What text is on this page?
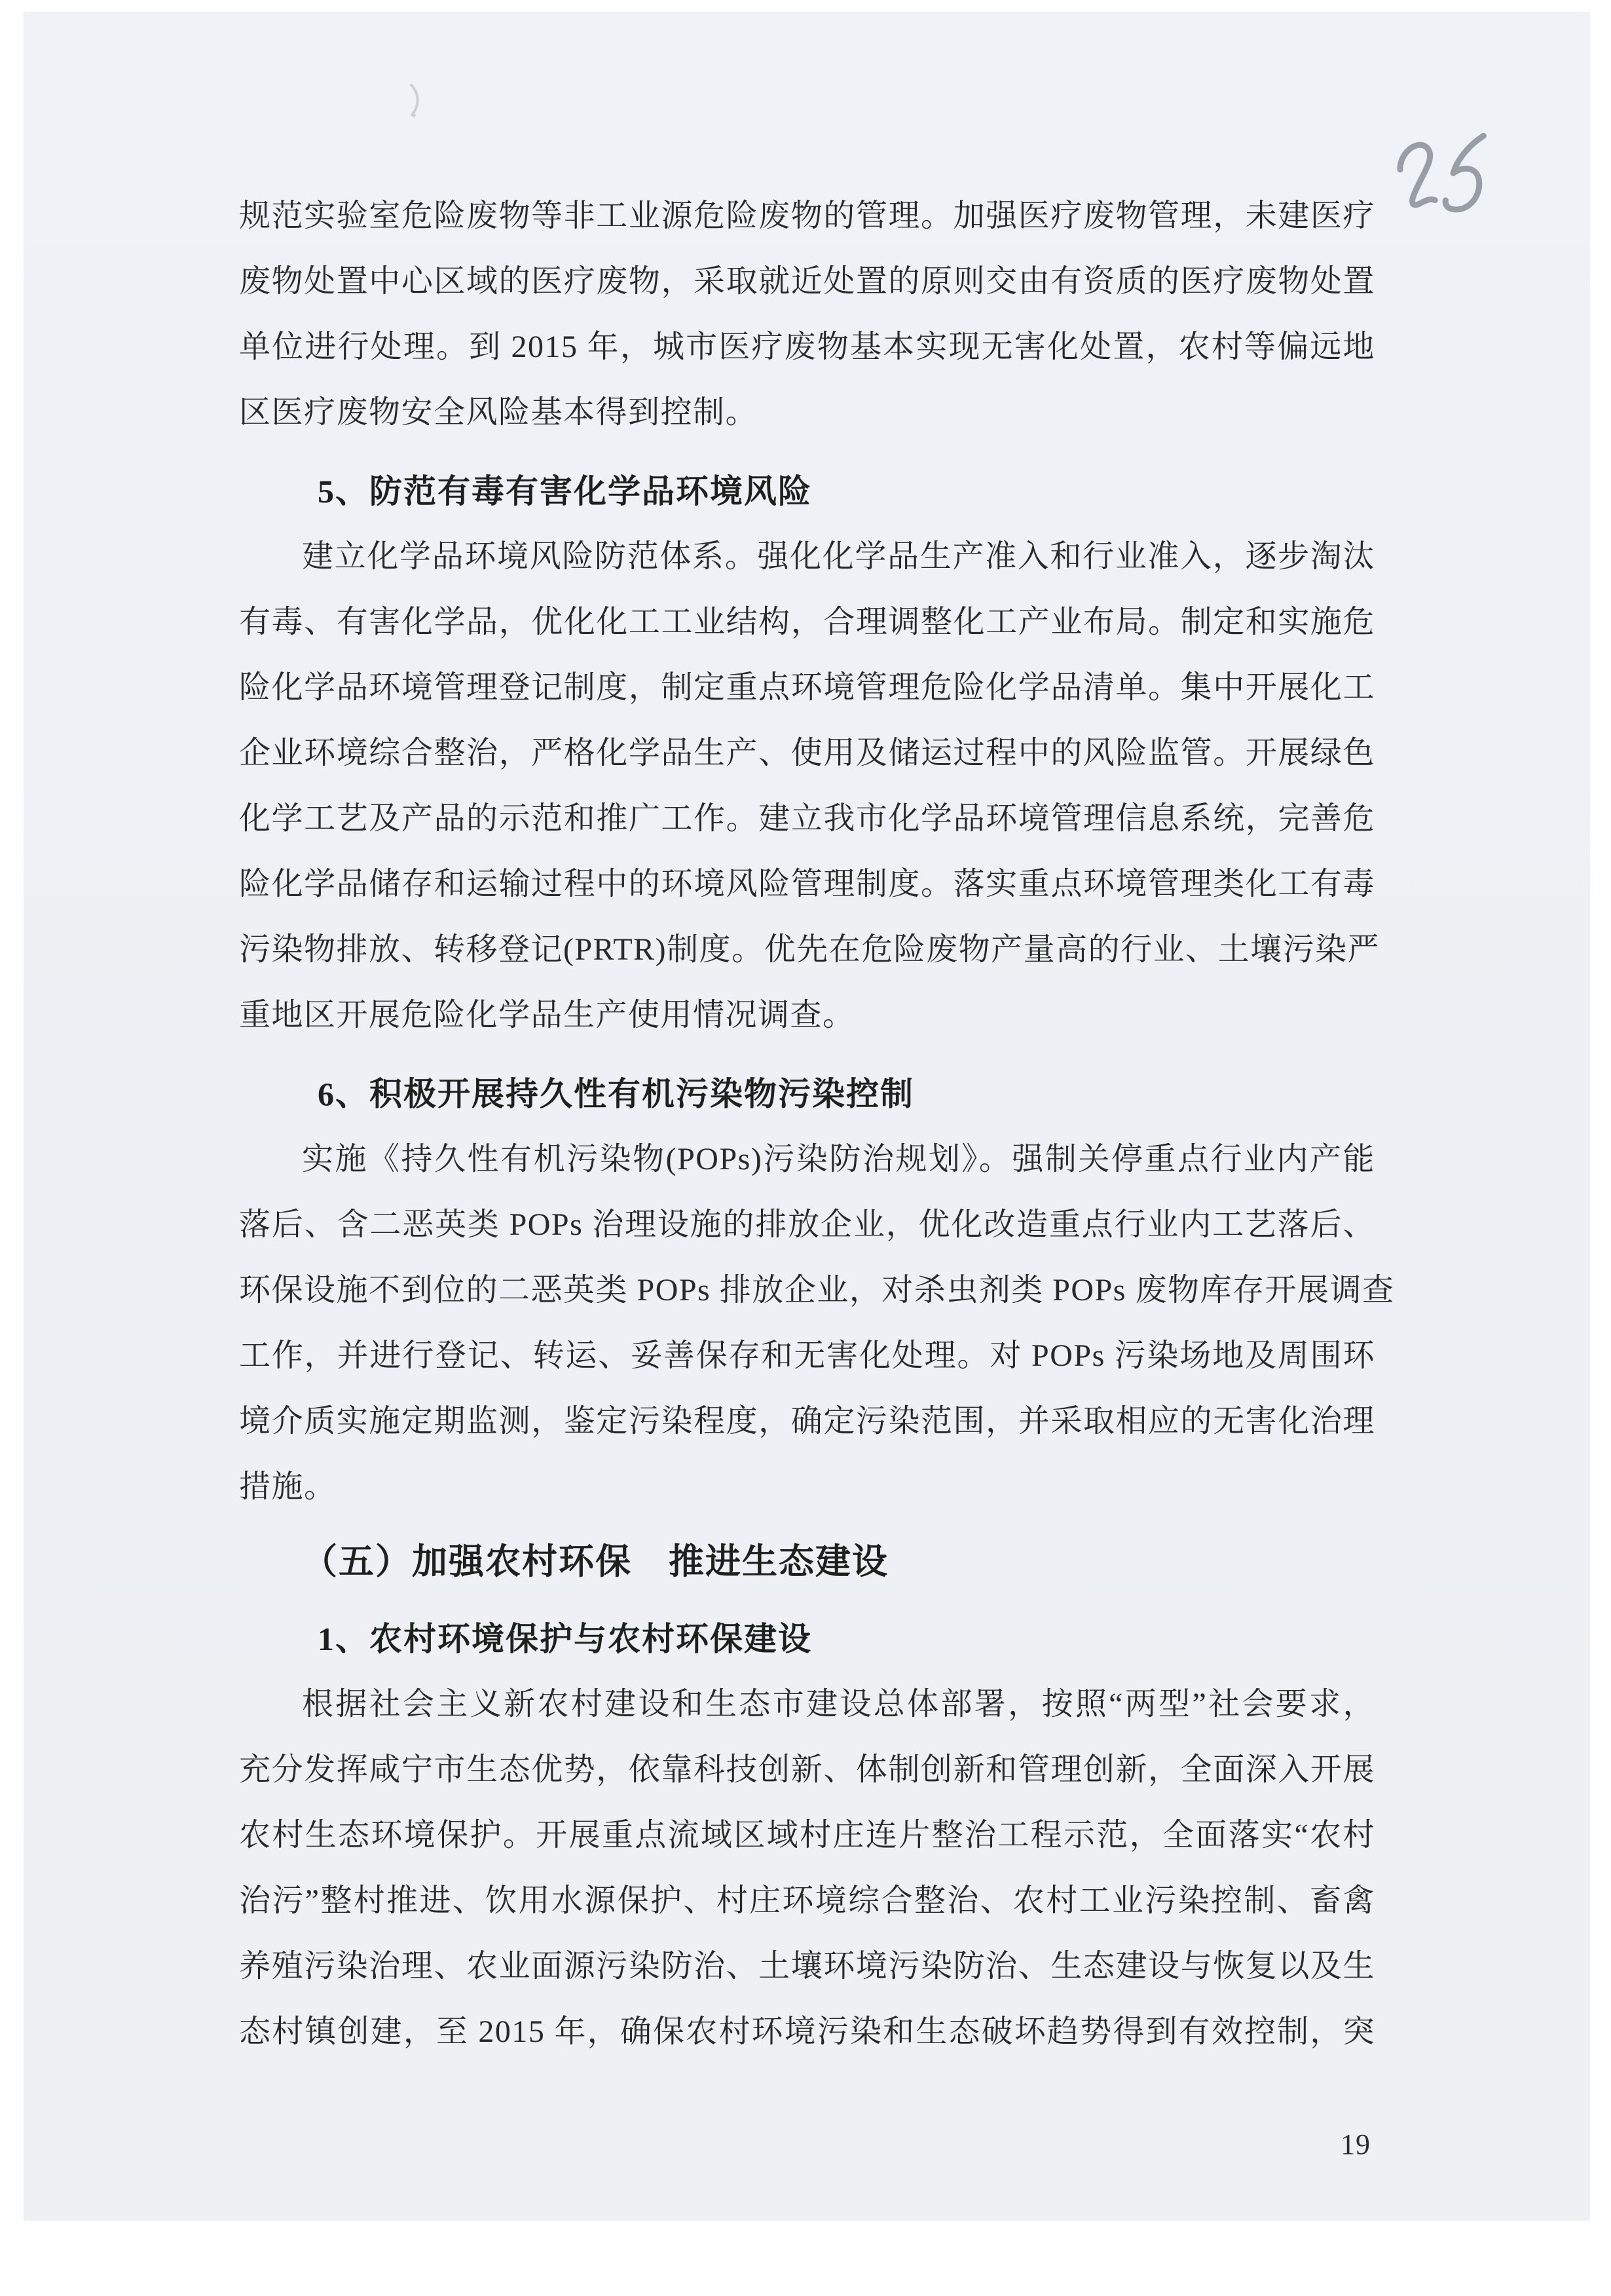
规范实验室危险废物等非工业源危险废物的管理。加强医疗废物管理，未建医疗
废物处置中心区域的医疗废物，采取就近处置的原则交由有资质的医疗废物处置
单位进行处理。到 2015 年，城市医疗废物基本实现无害化处置，农村等偏远地
区医疗废物安全风险基本得到控制。
5、防范有毒有害化学品环境风险
建立化学品环境风险防范体系。强化化学品生产准入和行业准入，逐步淘汰
有毒、有害化学品，优化化工工业结构，合理调整化工产业布局。制定和实施危
险化学品环境管理登记制度，制定重点环境管理危险化学品清单。集中开展化工
企业环境综合整治，严格化学品生产、使用及储运过程中的风险监管。开展绿色
化学工艺及产品的示范和推广工作。建立我市化学品环境管理信息系统，完善危
险化学品储存和运输过程中的环境风险管理制度。落实重点环境管理类化工有毒
污染物排放、转移登记(PRTR)制度。优先在危险废物产量高的行业、土壤污染严
重地区开展危险化学品生产使用情况调查。
6、积极开展持久性有机污染物污染控制
实施《持久性有机污染物(POPs)污染防治规划》。强制关停重点行业内产能
落后、含二恶英类 POPs 治理设施的排放企业，优化改造重点行业内工艺落后、
环保设施不到位的二恶英类 POPs 排放企业，对杀虫剂类 POPs 废物库存开展调查
工作，并进行登记、转运、妥善保存和无害化处理。对 POPs 污染场地及周围环
境介质实施定期监测，鉴定污染程度，确定污染范围，并采取相应的无害化治理
措施。
（五）加强农村环保　推进生态建设
1、农村环境保护与农村环保建设
根据社会主义新农村建设和生态市建设总体部署，按照“两型”社会要求，
充分发挥咸宁市生态优势，依靠科技创新、体制创新和管理创新，全面深入开展
农村生态环境保护。开展重点流域区域村庄连片整治工程示范，全面落实“农村
治污”整村推进、饮用水源保护、村庄环境综合整治、农村工业污染控制、畜禽
养殖污染治理、农业面源污染防治、土壤环境污染防治、生态建设与恢复以及生
态村镇创建，至 2015 年，确保农村环境污染和生态破坏趋势得到有效控制，突
19
